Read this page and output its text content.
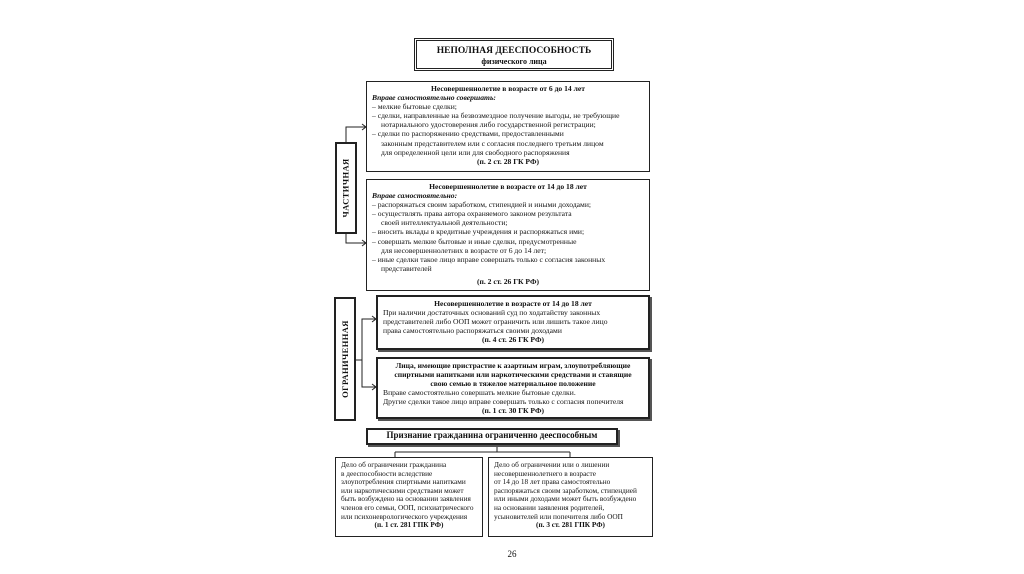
НЕПОЛНАЯ ДЕЕСПОСОБНОСТЬ
физического лица
ЧАСТИЧНАЯ
Несовершеннолетие в возрасте от 6 до 14 лет
Вправе самостоятельно совершать:
– мелкие бытовые сделки;
– сделки, направленные на безвозмездное получение выгоды, не требующие
нотариального удостоверения либо государственной регистрации;
– сделки по распоряжению средствами, предоставленными
законным представителем или с согласия последнего третьим лицом
для определенной цели или для свободного распоряжения
(п. 2 ст. 28 ГК РФ)
Несовершеннолетие в возрасте от 14 до 18 лет
Вправе самостоятельно:
– распоряжаться своим заработком, стипендией и иными доходами;
– осуществлять права автора охраняемого законом результата
своей интеллектуальной деятельности;
– вносить вклады в кредитные учреждения и распоряжаться ими;
– совершать мелкие бытовые и иные сделки, предусмотренные
для несовершеннолетних в возрасте от 6 до 14 лет;
– иные сделки такое лицо вправе совершать только с согласия законных
представителей
(п. 2 ст. 26 ГК РФ)
ОГРАНИЧЕННАЯ
Несовершеннолетие в возрасте от 14 до 18 лет
При наличии достаточных оснований суд по ходатайству законных
представителей либо ООП может ограничить или лишить такое лицо
права самостоятельно распоряжаться своими доходами
(п. 4 ст. 26 ГК РФ)
Лица, имеющие пристрастие к азартным играм, злоупотребляющие
спиртными напитками или наркотическими средствами и ставящие
свою семью в тяжелое материальное положение
Вправе самостоятельно совершать мелкие бытовые сделки.
Другие сделки такое лицо вправе совершать только с согласия попечителя
(п. 1 ст. 30 ГК РФ)
Признание гражданина ограниченно дееспособным
Дело об ограничении гражданина
в дееспособности вследствие
злоупотребления спиртными напитками
или наркотическими средствами может
быть возбуждено на основании заявления
членов его семьи, ООП, психиатрического
или психоневрологического учреждения
(п. 1 ст. 281 ГПК РФ)
Дело об ограничении или о лишении
несовершеннолетнего в возрасте
от 14 до 18 лет права самостоятельно
распоряжаться своим заработком, стипендией
или иными доходами может быть возбуждено
на основании заявления родителей,
усыновителей или попечителя либо ООП
(п. 3 ст. 281 ГПК РФ)
26
